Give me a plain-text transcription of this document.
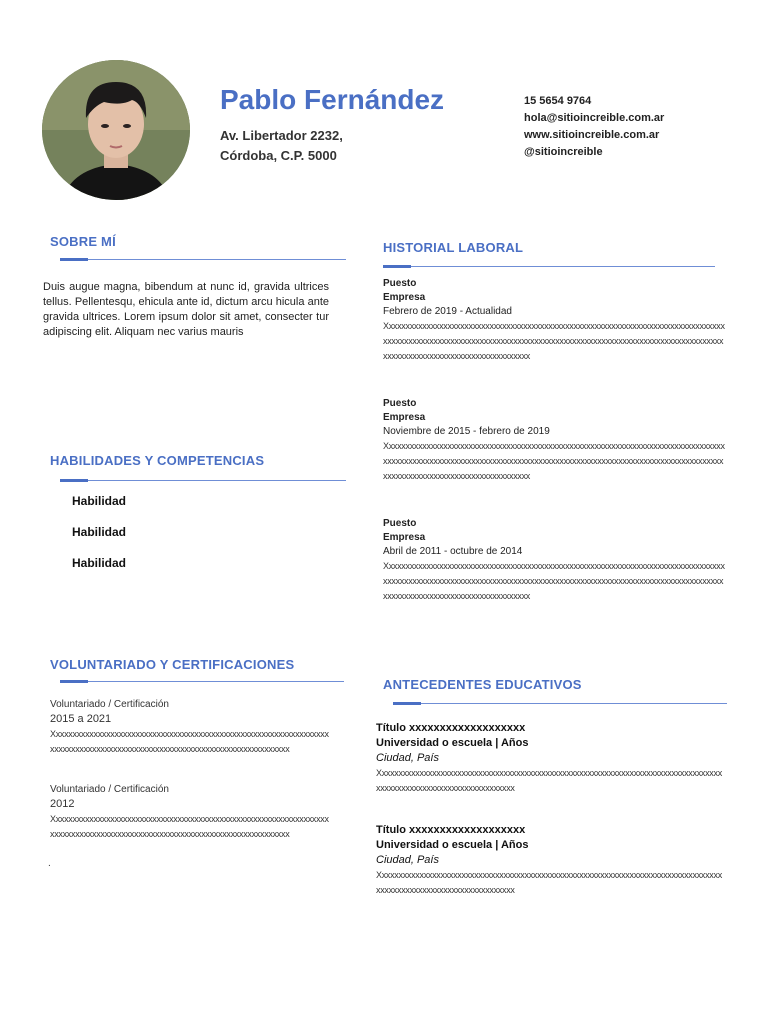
Pablo Fernández
Av. Libertador 2232,
Córdoba, C.P. 5000
15 5654 9764
hola@sitioincreible.com.ar
www.sitioincreible.com.ar
@sitioincreible
SOBRE MÍ
Duis augue magna, bibendum at nunc id, gravida ultrices tellus. Pellentesqu, ehicula ante id, dictum arcu hicula ante gravida ultrices. Lorem ipsum dolor sit amet, consecter tur adipiscing elit. Aliquam nec varius mauris
HABILIDADES Y COMPETENCIAS
Habilidad
Habilidad
Habilidad
VOLUNTARIADO Y CERTIFICACIONES
Voluntariado / Certificación
2015 a 2021
Xxxxxxxxxxxxxxxxxxxxxxxxxxxxxxxxxxxxxxxxxxxxxxxxxxxxxxxxxxxxxxxxxxxxxxxxxxxxxxxxxxxxxxxxxxxxxxxxxxxxxxxxxxxxxxxxxxxxxxxxxxx
Voluntariado / Certificación
2012
Xxxxxxxxxxxxxxxxxxxxxxxxxxxxxxxxxxxxxxxxxxxxxxxxxxxxxxxxxxxxxxxxxxxxxxxxxxxxxxxxxxxxxxxxxxxxxxxxxxxxxxxxxxxxxxxxxxxxxxxxxxx
.
HISTORIAL LABORAL
Puesto
Empresa
Febrero de 2019 - Actualidad
Xxxxxxxxxxxxxxxxxxxxxxxxxxxxxxxxxxxxxxxxxxxxxxxxxxxxxxxxxxxxxxxxxxxxxxxxxxxxxxxxxxxxxxxxxxxxxxxxxxxxxxxxxxxxxxxxxxxxxxxxxxxxxxxxxxxxxxxxxxxxxxxxxxxxxxxxxxxxxxxxxxxxxxxxxxxxxxxxxxxxxxxxxxxxxxxxxxxxx
Puesto
Empresa
Noviembre de 2015 - febrero de 2019
Xxxxxxxxxxxxxxxxxxxxxxxxxxxxxxxxxxxxxxxxxxxxxxxxxxxxxxxxxxxxxxxxxxxxxxxxxxxxxxxxxxxxxxxxxxxxxxxxxxxxxxxxxxxxxxxxxxxxxxxxxxxxxxxxxxxxxxxxxxxxxxxxxxxxxxxxxxxxxxxxxxxxxxxxxxxxxxxxxxxxxxxxxxxxxxxxxxxxx
Puesto
Empresa
Abril de 2011 - octubre de 2014
Xxxxxxxxxxxxxxxxxxxxxxxxxxxxxxxxxxxxxxxxxxxxxxxxxxxxxxxxxxxxxxxxxxxxxxxxxxxxxxxxxxxxxxxxxxxxxxxxxxxxxxxxxxxxxxxxxxxxxxxxxxxxxxxxxxxxxxxxxxxxxxxxxxxxxxxxxxxxxxxxxxxxxxxxxxxxxxxxxxxxxxxxxxxxxxxxxxxxx
ANTECEDENTES EDUCATIVOS
Título xxxxxxxxxxxxxxxxxxx
Universidad o escuela | Años
Ciudad, País
Xxxxxxxxxxxxxxxxxxxxxxxxxxxxxxxxxxxxxxxxxxxxxxxxxxxxxxxxxxxxxxxxxxxxxxxxxxxxxxxxxxxxxxxxxxxxxxxxxxxxxxxxxxxxxxxxxxx
Título xxxxxxxxxxxxxxxxxxx
Universidad o escuela | Años
Ciudad, País
Xxxxxxxxxxxxxxxxxxxxxxxxxxxxxxxxxxxxxxxxxxxxxxxxxxxxxxxxxxxxxxxxxxxxxxxxxxxxxxxxxxxxxxxxxxxxxxxxxxxxxxxxxxxxxxxxxxx
